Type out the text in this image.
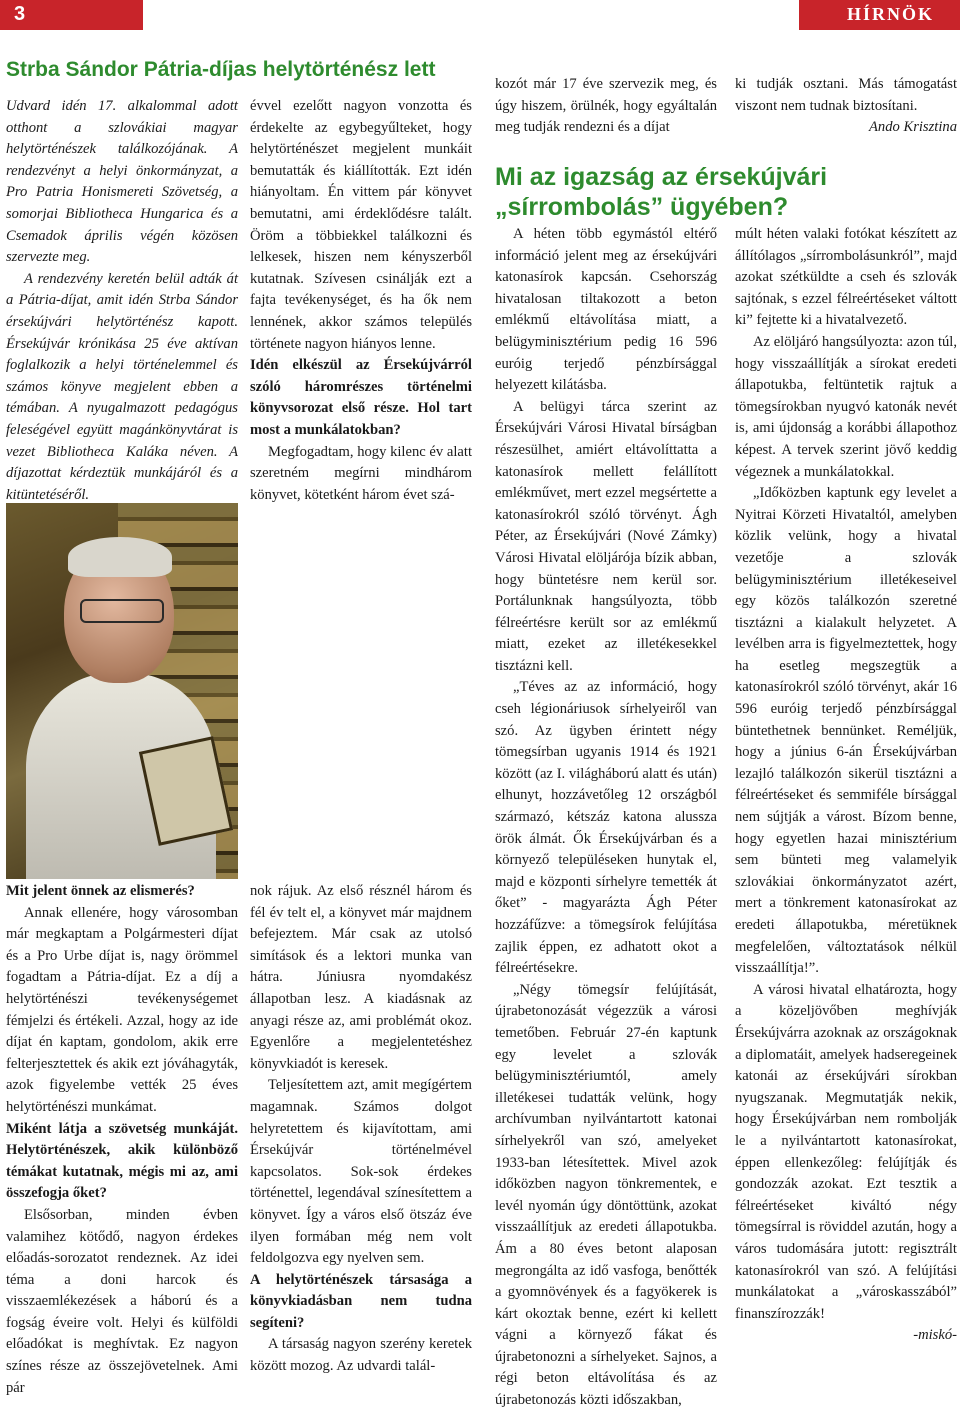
3	HÍRNÖK
Strba Sándor Pátria-díjas helytörténész lett

Udvard idén 17. alkalommal adott otthont a szlovákiai magyar helytörténészek találkozójának. A rendezvényt a helyi önkormányzat, a Pro Patria Honismereti Szövetség, a somorjai Bibliotheca Hungarica és a Csemadok április végén közösen szervezte meg.

A rendezvény keretén belül adták át a Pátria-díjat, amit idén Strba Sándor érsekújvári helytörténész kapott. Érsekújvár krónikása 25 éve aktívan foglalkozik a helyi történelemmel és számos könyve megjelent ebben a témában. A nyugalmazott pedagógus feleségével együtt magánkönyvtárat is vezet Bibliotheca Kaláka néven. A díjazottat kérdeztük munkájáról és a kitüntetéséről.

Mit jelent önnek az elismerés?

Annak ellenére, hogy városomban már megkaptam a Polgármesteri díjat és a Pro Urbe díjat is, nagy örömmel fogadtam a Pátria-díjat. Ez a díj a helytörténészi tevékenységemet fémjelzi és értékeli. Azzal, hogy az ide díjat én kaptam, gondolom, akik erre felterjesztettek és akik ezt jóváhagyták, azok figyelembe vették 25 éves helytörténészi munkámat.

Miként látja a szövetség munkáját. Helytörténészek, akik különböző témákat kutatnak, mégis mi az, ami összefogja őket?

Elsősorban, minden évben valamihez kötődő, nagyon érdekes előadás-sorozatot rendeznek. Az idei téma a doni harcok és visszaemlékezések a háború és a fogság éveire volt. Helyi és külföldi előadókat is meghívtak. Ez nagyon színes része az összejövetelnek. Ami pár

évvel ezelőtt nagyon vonzotta és érdekelte az egybegyűlteket, hogy helytörténészet megjelent munkáit bemutatták és kiállították. Ezt idén hiányoltam. Én vittem pár könyvet bemutatni, ami érdeklődésre talált. Öröm a többiekkel találkozni és lelkesek, hiszen nem kényszerből kutatnak. Szívesen csinálják ezt a fajta tevékenységet, és ha ők nem lennének, akkor számos település története nagyon hiányos lenne.

Idén elkészül az Érsekújvárról szóló háromrészes történelmi könyvsorozat első része. Hol tart most a munkálatokban?

Megfogadtam, hogy kilenc év alatt szeretném megírni mindhárom könyvet, kötetként három évet szá-

nok rájuk. Az első résznél három és fél év telt el, a könyvet már majdnem befejeztem. Már csak az utolsó simítások és a lektori munka van hátra. Júniusra nyomdakész állapotban lesz. A kiadásnak az anyagi része az, ami problémát okoz. Egyenlőre a megjelentetéshez könyvkiadót is keresek.

Teljesítettem azt, amit megígértem magamnak. Számos dolgot helyretettem és kijavítottam, ami Érsekújvár történelmével kapcsolatos. Sok-sok érdekes történettel, legendával színesítettem a könyvet. Így a város első ötszáz éve ilyen formában még nem volt feldolgozva egy nyelven sem.

A helytörténészek társasága a könyvkiadásban nem tudna segíteni?

A társaság nagyon szerény keretek között mozog. Az udvardi talál-

kozót már 17 éve szervezik meg, és úgy hiszem, örülnék, hogy egyáltalán meg tudják rendezni és a díjat

ki tudják osztani. Más támogatást viszont nem tudnak biztosítani.

Ando Krisztina

Mi az igazság az érsekújvári „sírrombolás” ügyében?

A héten több egymástól eltérő információ jelent meg az érsekújvári katonasírok kapcsán. Csehország hivatalosan tiltakozott a beton emlékmű eltávolítása miatt, a belügyminisztérium pedig 16 596 euróig terjedő pénzbírsággal helyezett kilátásba.

A belügyi tárca szerint az Érsekújvári Városi Hivatal bírságban részesülhet, amiért eltávolíttatta a katonasírok mellett felállított emlékművet, mert ezzel megsértette a katonasírokról szóló törvényt. Ágh Péter, az Érsekújvári (Nové Zámky) Városi Hivatal elöljárója bízik abban, hogy büntetésre nem kerül sor. Portálunknak hangsúlyozta, több félreértésre került sor az emlékmű miatt, ezeket az illetékesekkel tisztázni kell.

„Téves az az információ, hogy cseh légionáriusok sírhelyeiről van szó. Az ügyben érintett négy tömegsírban ugyanis 1914 és 1921 között (az I. világháború alatt és után) elhunyt, hozzávetőleg 12 országból származó, kétszáz katona alussza örök álmát. Ők Érsekújvárban és a környező településeken hunytak el, majd e központi sírhelyre temették át őket” - magyarázta Ágh Péter hozzáfűzve: a tömegsírok felújítása zajlik éppen, ez adhatott okot a félreértésekre.

„Négy tömegsír felújítását, újrabetonozását végezzük a városi temetőben. Február 27-én kaptunk egy levelet a szlovák belügyminisztériumtól, amely illetékesei tudatták velünk, hogy archívumban nyilvántartott katonai sírhelyekről van szó, amelyeket 1933-ban létesítettek. Mivel azok időközben nagyon tönkrementek, e levél nyomán úgy döntöttünk, azokat visszaállítjuk az eredeti állapotukba. Ám a 80 éves betont alaposan megrongálta az idő vasfoga, benőtték a gyomnövények és a fagyökerek is kárt okoztak benne, ezért ki kellett vágni a környező fákat és újrabetonozni a sírhelyeket. Sajnos, a régi beton eltávolítása és az újrabetonozás közti időszakban,

múlt héten valaki fotókat készített az állítólagos „sírrombolásunkról”, majd azokat szétküldte a cseh és szlovák sajtónak, s ezzel félreértéseket váltott ki” fejtette ki a hivatalvezető.

Az elöljáró hangsúlyozta: azon túl, hogy visszaállítják a sírokat eredeti állapotukba, feltüntetik rajtuk a tömegsírokban nyugvó katonák nevét is, ami újdonság a korábbi állapothoz képest. A tervek szerint jövő keddig végeznek a munkálatokkal.

„Időközben kaptunk egy levelet a Nyitrai Körzeti Hivataltól, amelyben közlik velünk, hogy a hivatal vezetője a szlovák belügyminisztérium illetékeseivel egy közös találkozón szeretné tisztázni a kialakult helyzetet. A levélben arra is figyelmeztettek, hogy ha esetleg megszegtük a katonasírokról szóló törvényt, akár 16 596 euróig terjedő pénzbírsággal büntethetnek bennünket. Reméljük, hogy a június 6-án Érsekújvárban lezajló találkozón sikerül tisztázni a félreértéseket és semmiféle bírsággal nem sújtják a várost. Bízom benne, hogy egyetlen hazai minisztérium sem bünteti meg valamelyik szlovákiai önkormányzatot azért, mert a tönkrement katonasírokat az eredeti állapotukba, méretüknek megfelelően, változtatások nélkül visszaállítja!”.

A városi hivatal elhatározta, hogy a közeljövőben meghívják Érsekújvárra azoknak az országoknak a diplomatáit, amelyek hadseregeinek katonái az érsekújvári sírokban nyugszanak. Megmutatják nekik, hogy Érsekújvárban nem rombolják le a nyilvántartott katonasírokat, éppen ellenkezőleg: felújítják és gondozzák azokat. Ezt tesztik a félreértéseket kiváltó négy tömegsírral is röviddel azután, hogy a város tudomására jutott: regisztrált katonasírokról van szó. A felújítási munkálatokat a „városkasszából” finanszírozzák!

-miskó-
